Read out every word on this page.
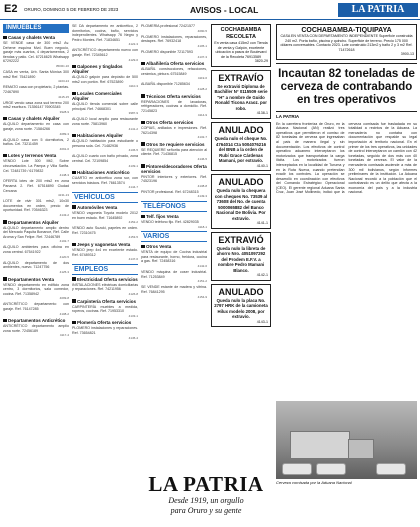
E2 ORURO, DOMINGO 5 DE FEBRERO DE 2023	AVISOS - LOCAL	LA PATRIA
INMUEBLES
Casas y chalets Venta
SE VENDE casa de 300 mts2 Av. Dehene esquina Mvd. Buen negocio, garaje más cuartos, 4 departamentos, 2 tiendas y patio. Cel. 67216625 Whatsapp 67292222
3500C-16
CASA en venta, Urb. Santa Mónica 300 mts2 Ref. 75421890
4103-24
REMATO casa con propietario, 2 plantas. 72467890
4115-15
URGE vendo casa zona sud terreno 200 mts2 escritura. 71356147 76903345
3928-9
Casas y chalets Alquiler
ALQUILO departamento en casa con garaje, zona norte. 71584266
4089-3
ALQUILO casa con 5 dormitorios, 2 baños. Cel. 73211459
4091-6
Lotes y terrenos Venta
VENDO Lote 300 Mt2, Sobre circunvalación. La Pampa y Villa Sarifa. Cel. 72481739 / 6179832
4148-3
OFERTA lotes de 200 mts2 en zona Panamá 2. Ref. 67516890 Ciudad Cercana
4131-13
LOTE de vivir 301 mts2, 10x30 documentos en orden, precio de oportunidad. Ref. 70546323
4143-2
Departamentos Alquiler
ALQUILO departamento amplio dentro del Mercado Paquita Bonance, Ref. Calle Aroma y San Felipe. Ref. 72446789
4102-7
ALQUILO ambientes para oficina en zona central. 67541922
4120-5
ALQUILO departamento de dos ambientes, nuevo. 71247756
4125-3
Departamentos Venta
VENDO departamento en edificio zona centro, 3 dormitorios, sala comedor, cocina. Ref. 71358942
4099-8
ANTICRÉTICO departamento con garaje. Ref. 76147285
4108-2
Departamentos Anticrético
ANTICRÉTICO departamento amplio zona norte. 72456189
4117-4
SE DA departamento en anticrético, 2 dormitorios, cocina, baño, servicios independientes. Whatsapp 76 Negro y Pedro Montes. Ref. 71834651
4122-3
ANTICRÉTICO departamento nuevo con garaje. Ref. 72345612
4129-6
Galpones y tinglados Alquiler
ALQUILO galpón para depósito de 500 mts2 con portón. Ref. 67523890
4110-3
Locales Comerciales Alquiler
ALQUILO tienda comercial sobre calle principal. Ref. 74668301
3987-9
ALQUILO local amplio para restaurante zona norte. 75813960
4141-2
Habitaciones Alquiler
ALQUILO habitación para estudiante o persona sola. Cel. 71482936
4136-5
ALQUILO cuarto con baño privado, zona central. Cel. 72109854
4139-1
Habitaciones Anticrético
CUARTO en anticrético zona sur, con servicios básicos. Ref. 76613574
4144-7
VEHÍCULOS
Automóviles Venta
VENDO vagoneta Toyota modelo 2012 en buen estado. Ref. 71645892
4152-2
VENDO auto Suzuki, papeles en orden. Ref. 72310475
4153-5
Jeeps y vagonetas Venta
VENDO jeep 4x4 en excelente estado. Ref. 67489312
4147-6
EMPLEOS
Electricidad Oferta servicios
INSTALACIONES eléctricas domiciliarias y reparaciones. Ref. 74211956
4126-8
Carpintería Oferta servicios
CARPINTERÍA muebles a medida, roperos, cocinas. Ref. 71953310
4133-1
Plomería Oferta servicios
PLOMERO instalaciones y reparaciones. Ref. 73654821
4145-4
PLOMERÍA profesional 72421577
4090-5
PLOMERO instalaciones, reparaciones, destapes. Ref. 76932418
4105-1
PLOMERO disponible 72117593
4137-3
Albañilería Oferta servicios
ALBAÑIL construcciones, refacciones, cerámica, pintura. 67515849
4119-6
ALBAÑIL disponible 71285634
4128-2
Técnicos Oferta servicios
REPARACIONES de lavadoras, refrigeradores, cocinas a domicilio. Ref. 72145823
4114-9
Otros Oferta servicios
COPIAS, anillados e impresiones. Ref. 76214398
4132-7
Otros Se requiere servicios
SE REQUIERE señorita para atención al cliente. Ref. 71436815
4146-5
Pintores/decoradores Oferta servicios
PINTOR interiores y exteriores. Ref. 74523196
4138-8
PINTOR profesional. Ref. 67248315
4149-3
TELÉFONOS
Telf. fijos Venta
VENDO teléfono fijo. Ref. 42829035
4118-1
VARIOS
Otros Venta
VENTA de equipo de Cocina industrial para restaurante, horno, freidora, cocina a gas. Ref. 72458316
4142-6
VENDO máquina de coser industrial. Ref. 71253849
4151-2
SE VENDE estante de madera y vitrina. Ref. 76841295
4154-9
COCHABAMBA RECOLETA
En venta casa 415m2 con Tienda de venta y Galpón, excelente ubicación a pasos de Boulevard de la Recoleta 76913589
3820-29
EXTRAVÍO
Se extravió Diploma de Bachiller N° 0115509 serie "H" a nombre de Guido Ronald Ticona Araoz. por robo.
4138-1
ANULADO
Queda nulo el cheque No. 4764014 Cta 5004076216 del BNB a la orden de Rubí Grace Cárdenas Mamani, por extravío.
4140-1
ANULADO
Queda nulo la chequera con cheques No. 73539 al 73608 del No. de cuenta 5000065882 del Banco Nacional De Bolivia. Por extravío.
4141-1
EXTRAVIÓ
Queda nulo la libreta de ahorro Nro. 4051097292 del Prodem E.F.V. a nombre Pedro Mamani Blanco.
4142-1
ANULADO
Queda nulo la placa No. 2797 HRK de la camioneta Hilux modelo 2008, por extravío.
4143-1
COCHABAMBA-TIQUIPAYA
CASA EN VENTA CON DEPARTAMENTO INDEPENDIENTE Superficie construida 240 m2. Porta baño, piscina y quincho. Superficie de terreno. Precio 175 000 dólares conversables. Contacto 2023. Lote construido 213m2 y baño 2 y 3 m2 Ref. 71472618
3900-13
Incautan 82 toneladas de cerveza de contrabando en tres operativos
LA PATRIA
En la carretera fronteriza de Oruro, en la Aduana Nacional (AN) realizó tres operativos que permitieron el comiso de 82 toneladas de cerveza que ingresaban al país de manera ilegal y sin documentación. Los efectivos de control operativo aduanero interceptaron los motorizados que transportaban la carga ilícita. Los motorizados fueron interceptados en la localidad de Turuma y en la Ruta Nueva, cuando pretendían evadir los controles. La operación se desarrolló en coordinación con efectivos del Comando Estratégico Operacional (CEO). El gerente regional Aduana Santa Cruz, Juan José Mollinedo, indicó que la cerveza comisada fue trasladada en su totalidad a recintos de la Aduana. La mercadería no contaba con documentación que respalde su legal importación al territorio nacional. En el primer de los tres operativos, las unidades de control interceptaron un camión con 42 toneladas, seguido de dos más con 40 toneladas de cerveza. El valor de la mercadería comisada asciende a más de 300 mil bolivianos, según informes preliminares de la institución. La Aduana Nacional recordó a la población que el contrabando es un delito que afecta a la economía del país y a la industria nacional.
Cerveza comisada por la Aduana Nacional
LA PATRIA
Desde 1919, un orgullo
para Oruro y su gente
